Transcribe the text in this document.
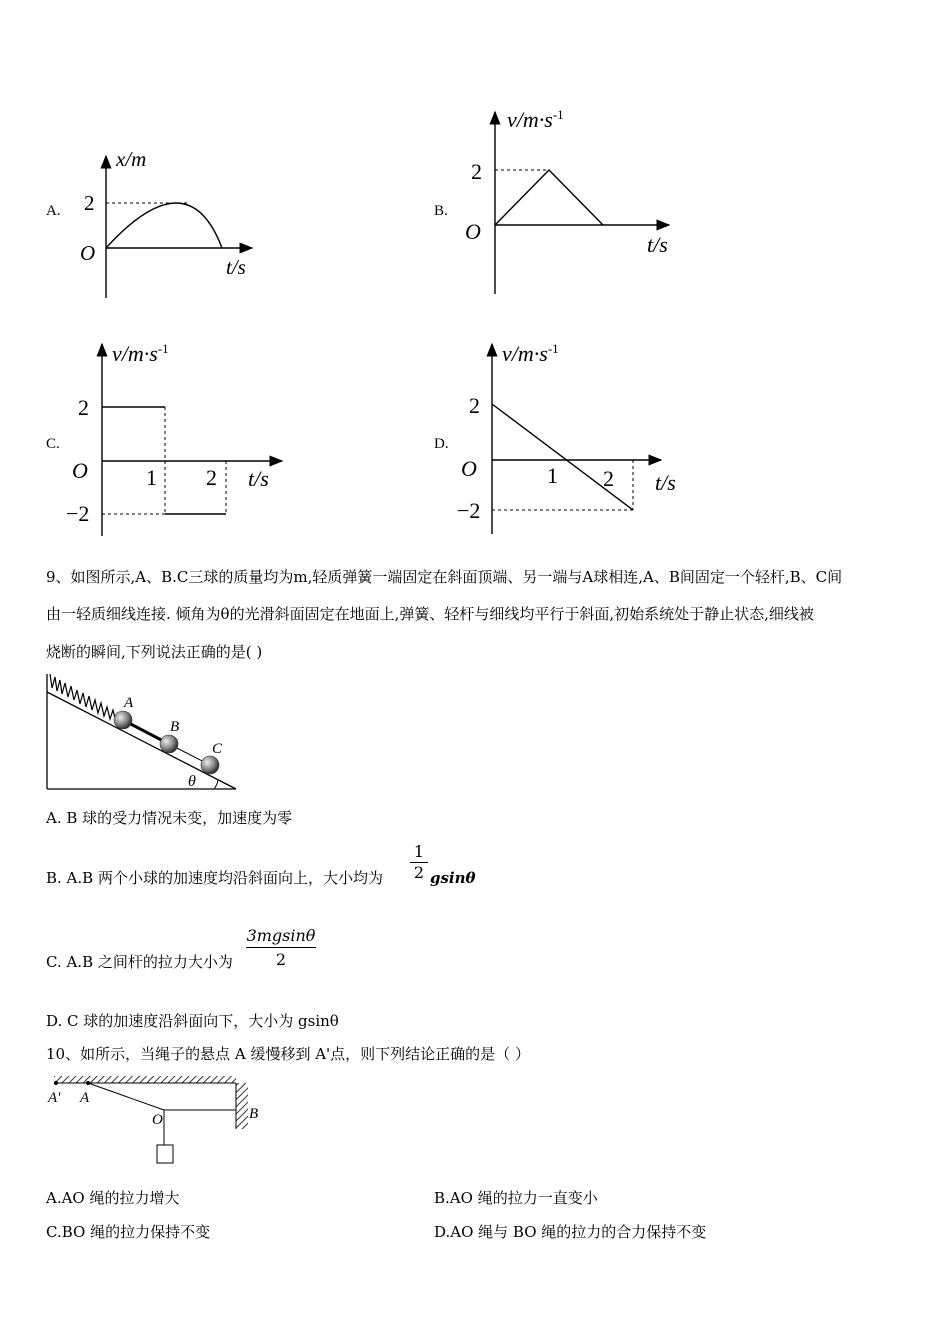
A.
x/m
2
O
t/s
B.
$v/m\cdot s^{-1}$
2
O
t/s
C.
$v/m\cdot s^{-1}$
2
O	1 2 t/s
−2
D.
$v/m\cdot s^{-1}$
2
O	1 2 t/s
−2
9、如图所示,A、B.C三球的质量均为m,轻质弹簧一端固定在斜面顶端、另一端与A球相连,A、B间固定一个轻杆,B、C间
由一轻质细线连接. 倾角为θ的光滑斜面固定在地面上,弹簧、轻杆与细线均平行于斜面,初始系统处于静止状态,细线被
烧断的瞬间,下列说法正确的是( )
A
B
C
θ
A. B 球的受力情况未变，加速度为零
B. A.B 两个小球的加速度均沿斜面向上，大小均为 $\frac{1}{2}$ gsinθ
C. A.B 之间杆的拉力大小为 $\frac{3mgsin\theta}{2}$
D. C 球的加速度沿斜面向下，大小为 gsinθ
10、如所示，当绳子的悬点 A 缓慢移到 A'点，则下列结论正确的是（ ）
A' A
O	B
A.AO 绳的拉力增大	B.AO 绳的拉力一直变小
C.BO 绳的拉力保持不变	D.AO 绳与 BO 绳的拉力的合力保持不变
